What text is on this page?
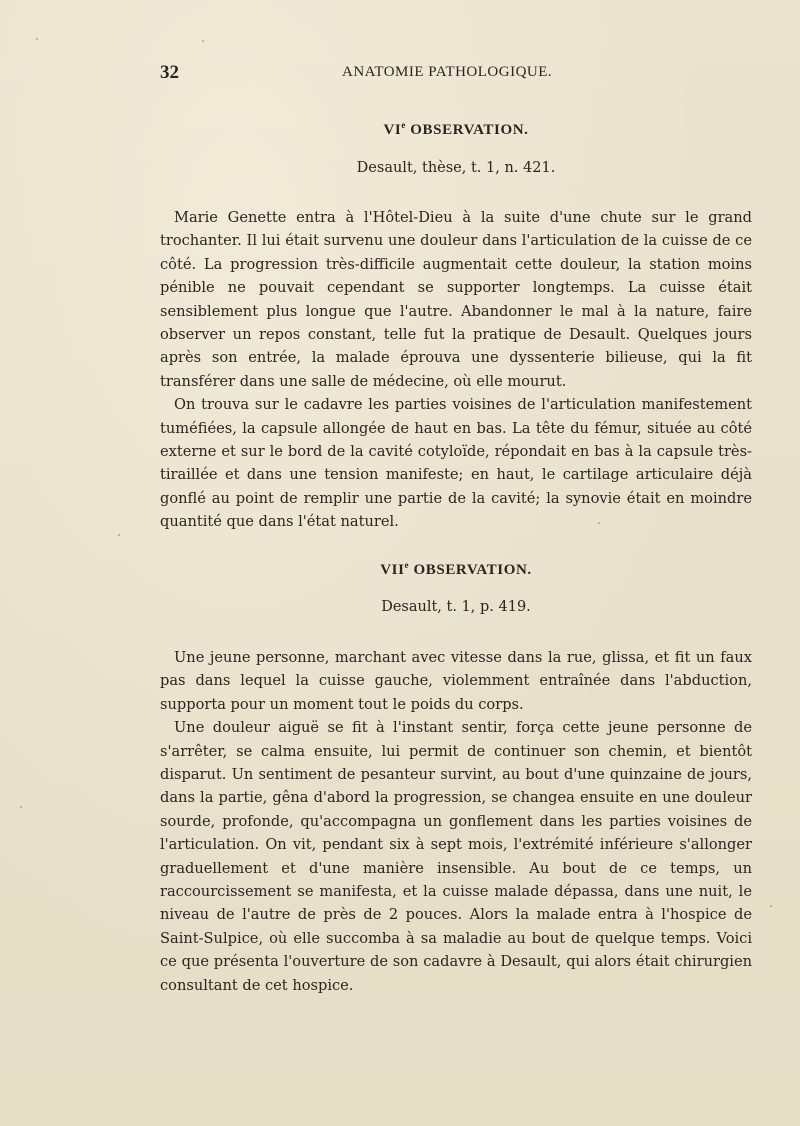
32	ANATOMIE PATHOLOGIQUE.

VIe OBSERVATION.

Desault, thèse, t. 1, n. 421.

Marie Genette entra à l'Hôtel-Dieu à la suite d'une chute sur le grand trochanter. Il lui était survenu une douleur dans l'articulation de la cuisse de ce côté. La progression très-difficile augmentait cette douleur, la station moins pénible ne pouvait cependant se supporter longtemps. La cuisse était sensiblement plus longue que l'autre. Abandonner le mal à la nature, faire observer un repos constant, telle fut la pratique de Desault. Quelques jours après son entrée, la malade éprouva une dyssenterie bilieuse, qui la fit transférer dans une salle de médecine, où elle mourut.

On trouva sur le cadavre les parties voisines de l'articulation manifestement tuméfiées, la capsule allongée de haut en bas. La tête du fémur, située au côté externe et sur le bord de la cavité cotyloïde, répondait en bas à la capsule très-tiraillée et dans une tension manifeste; en haut, le cartilage articulaire déjà gonflé au point de remplir une partie de la cavité; la synovie était en moindre quantité que dans l'état naturel.

VIIe OBSERVATION.

Desault, t. 1, p. 419.

Une jeune personne, marchant avec vitesse dans la rue, glissa, et fit un faux pas dans lequel la cuisse gauche, violemment entraînée dans l'abduction, supporta pour un moment tout le poids du corps.

Une douleur aiguë se fit à l'instant sentir, força cette jeune personne de s'arrêter, se calma ensuite, lui permit de continuer son chemin, et bientôt disparut. Un sentiment de pesanteur survint, au bout d'une quinzaine de jours, dans la partie, gêna d'abord la progression, se changea ensuite en une douleur sourde, profonde, qu'accompagna un gonflement dans les parties voisines de l'articulation. On vit, pendant six à sept mois, l'extrémité inférieure s'allonger graduellement et d'une manière insensible. Au bout de ce temps, un raccourcissement se manifesta, et la cuisse malade dépassa, dans une nuit, le niveau de l'autre de près de 2 pouces. Alors la malade entra à l'hospice de Saint-Sulpice, où elle succomba à sa maladie au bout de quelque temps. Voici ce que présenta l'ouverture de son cadavre à Desault, qui alors était chirurgien consultant de cet hospice.
